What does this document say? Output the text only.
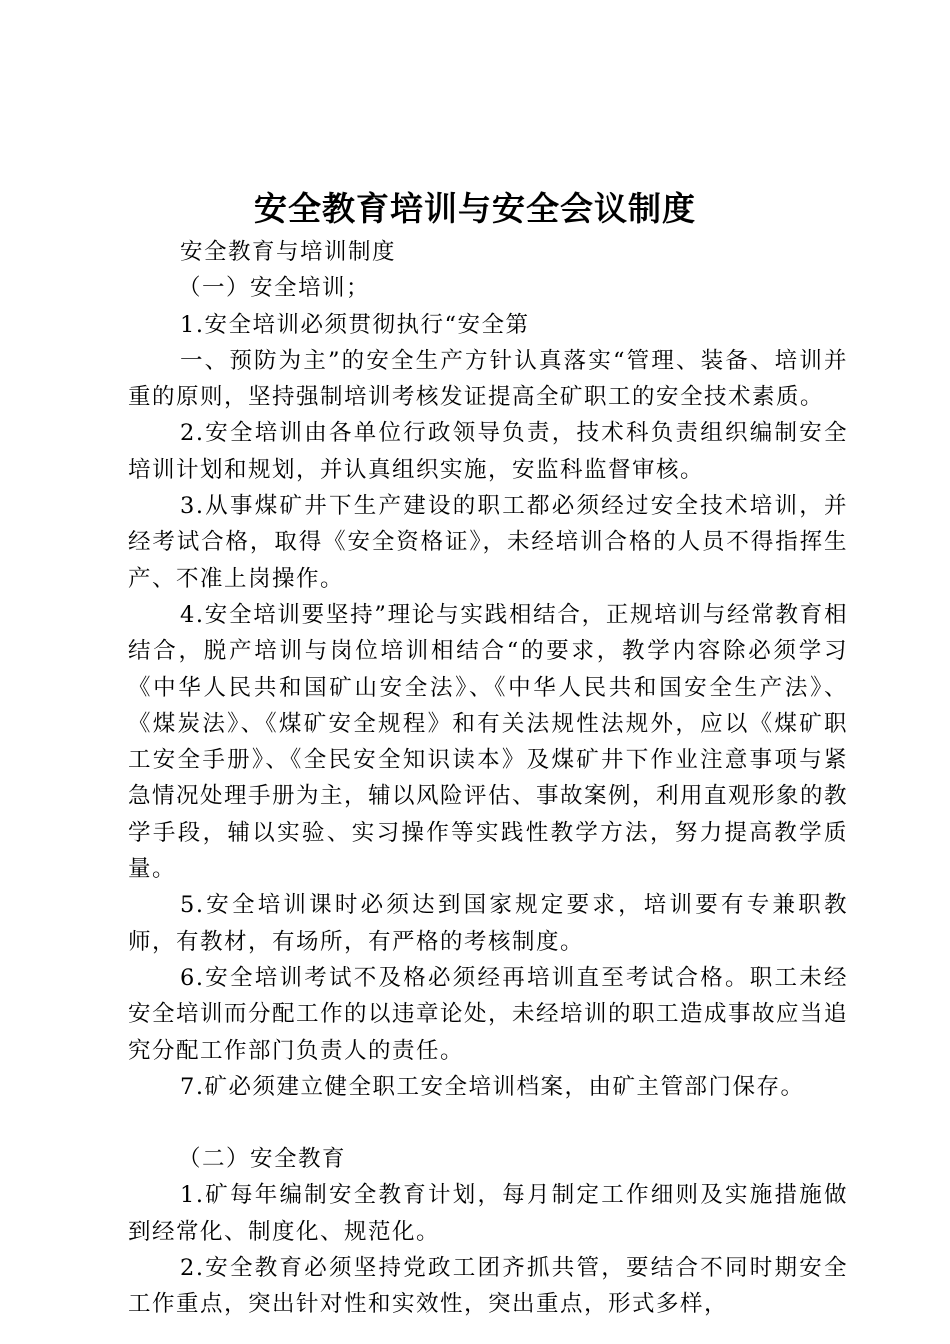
安全教育培训与安全会议制度

安全教育与培训制度

（一）安全培训；

1.安全培训必须贯彻执行“安全第

一、预防为主”的安全生产方针认真落实“管理、装备、培训并重的原则，坚持强制培训考核发证提高全矿职工的安全技术素质。

2.安全培训由各单位行政领导负责，技术科负责组织编制安全培训计划和规划，并认真组织实施，安监科监督审核。

3.从事煤矿井下生产建设的职工都必须经过安全技术培训，并经考试合格，取得《安全资格证》，未经培训合格的人员不得指挥生产、不准上岗操作。

4.安全培训要坚持”理论与实践相结合，正规培训与经常教育相结合，脱产培训与岗位培训相结合“的要求，教学内容除必须学习《中华人民共和国矿山安全法》、《中华人民共和国安全生产法》、《煤炭法》、《煤矿安全规程》和有关法规性法规外，应以《煤矿职工安全手册》、《全民安全知识读本》及煤矿井下作业注意事项与紧急情况处理手册为主，辅以风险评估、事故案例，利用直观形象的教学手段，辅以实验、实习操作等实践性教学方法，努力提高教学质量。

5.安全培训课时必须达到国家规定要求，培训要有专兼职教师，有教材，有场所，有严格的考核制度。

6.安全培训考试不及格必须经再培训直至考试合格。职工未经安全培训而分配工作的以违章论处，未经培训的职工造成事故应当追究分配工作部门负责人的责任。

7.矿必须建立健全职工安全培训档案，由矿主管部门保存。

（二）安全教育

1.矿每年编制安全教育计划，每月制定工作细则及实施措施做到经常化、制度化、规范化。

2.安全教育必须坚持党政工团齐抓共管，要结合不同时期安全工作重点，突出针对性和实效性，突出重点，形式多样，
